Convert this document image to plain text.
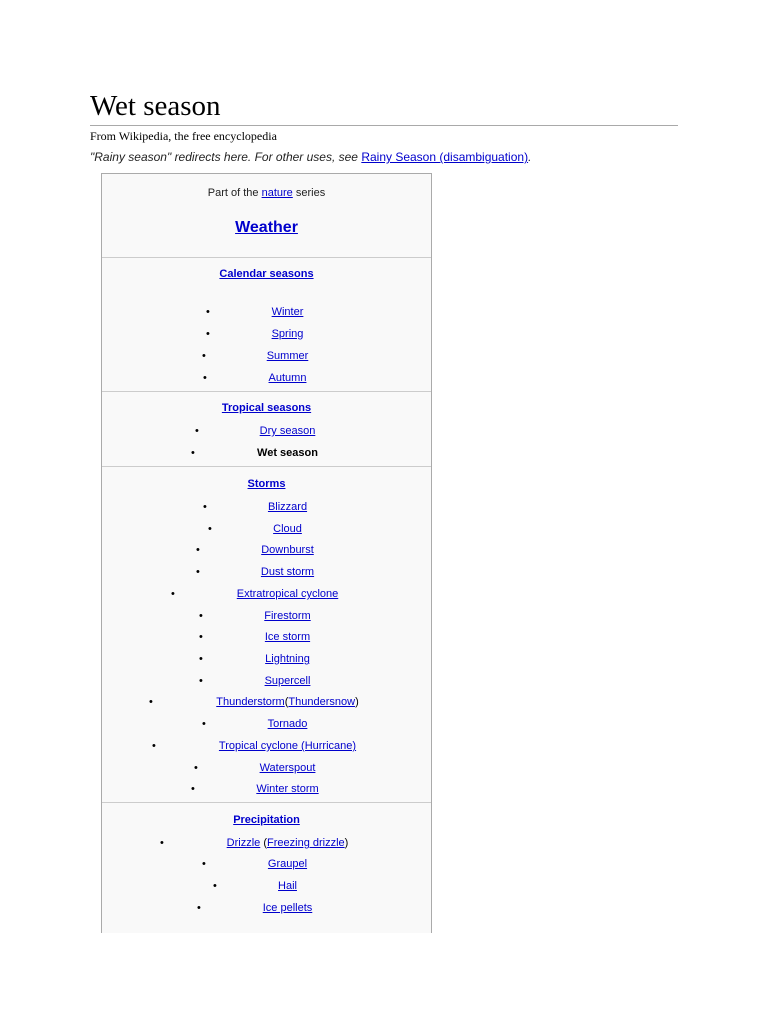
Wet season
From Wikipedia, the free encyclopedia
"Rainy season" redirects here. For other uses, see Rainy Season (disambiguation).
Part of the nature series
Weather
Calendar seasons
•	Winter
•	Spring
•	Summer
•	Autumn
Tropical seasons
•	Dry season
•	Wet season
Storms
•	Blizzard
•	Cloud
•	Downburst
•	Dust storm
•	Extratropical cyclone
•	Firestorm
•	Ice storm
•	Lightning
•	Supercell
•	Thunderstorm(Thundersnow)
•	Tornado
•	Tropical cyclone (Hurricane)
•	Waterspout
•	Winter storm
Precipitation
•	Drizzle (Freezing drizzle)
•	Graupel
•	Hail
•	Ice pellets
